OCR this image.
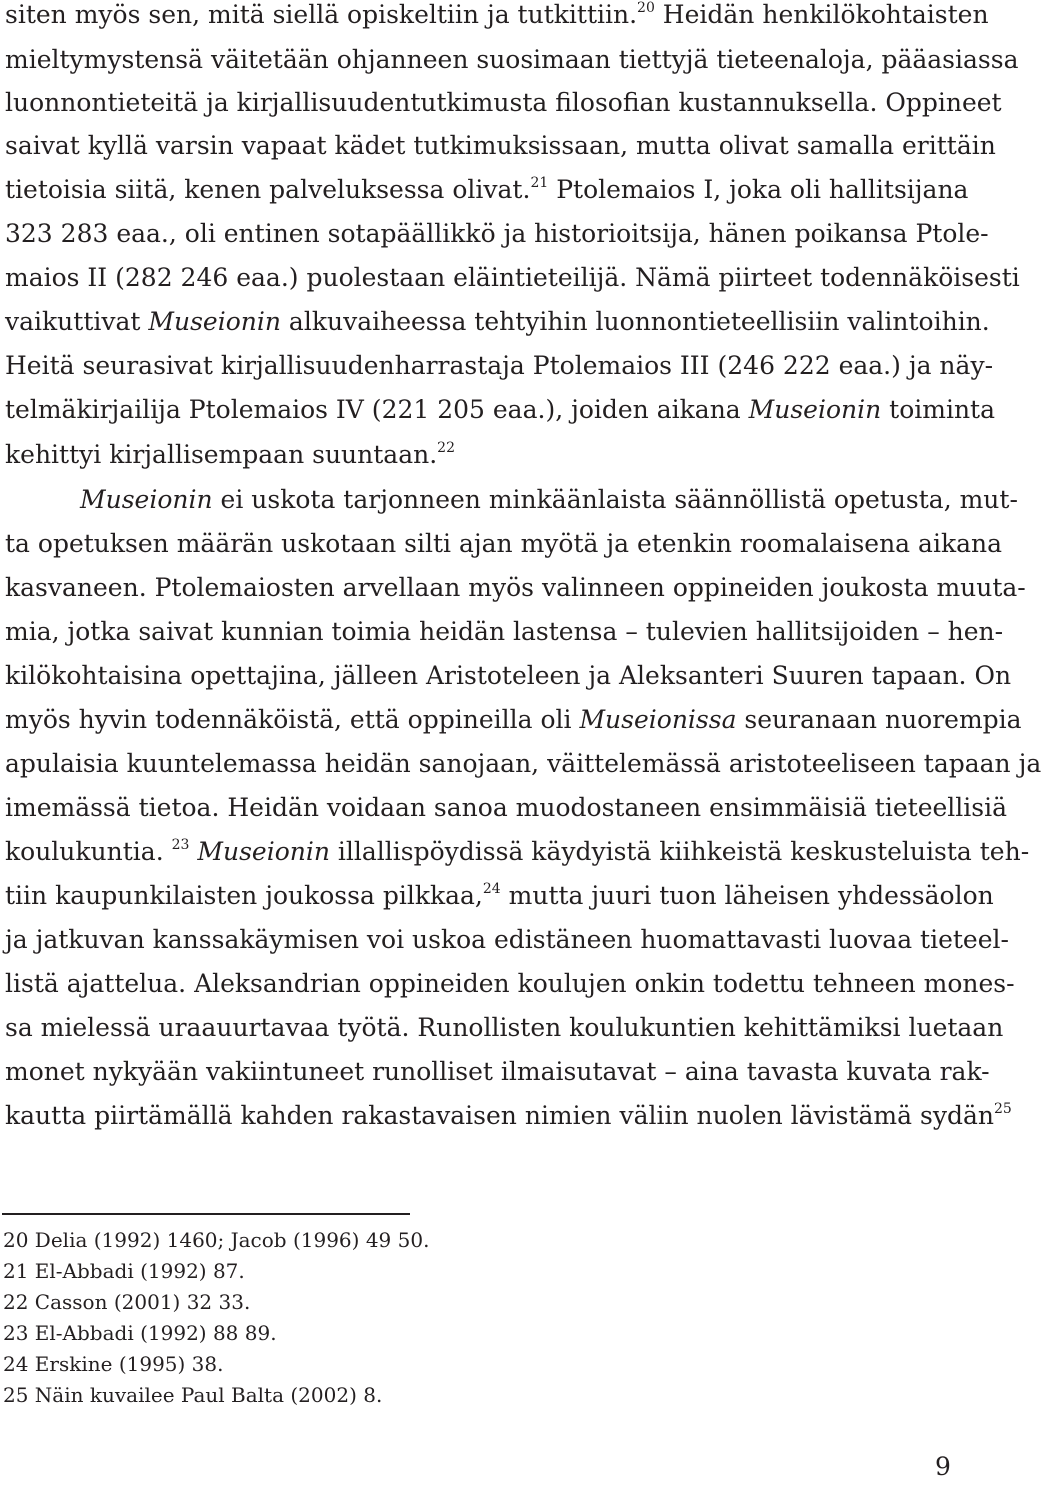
siten myös sen, mitä siellä opiskeltiin ja tutkittiin.$^{20}$ Heidän henkilökohtaisten
mieltymystensä väitetään ohjanneen suosimaan tiettyjä tieteenaloja, pääasiassa
luonnontieteitä ja kirjallisuudentutkimusta filosofian kustannuksella. Oppineet
saivat kyllä varsin vapaat kädet tutkimuksissaan, mutta olivat samalla erittäin
tietoisia siitä, kenen palveluksessa olivat.$^{21}$ Ptolemaios I, joka oli hallitsijana
323 283 eaa., oli entinen sotapäällikkö ja historioitsija, hänen poikansa Ptole-
maios II (282 246 eaa.) puolestaan eläintieteilijä. Nämä piirteet todennäköisesti
vaikuttivat Museionin alkuvaiheessa tehtyihin luonnontieteellisiin valintoihin.
Heitä seurasivat kirjallisuudenharrastaja Ptolemaios III (246 222 eaa.) ja näy-
telmäkirjailija Ptolemaios IV (221 205 eaa.), joiden aikana Museionin toiminta
kehittyi kirjallisempaan suuntaan.$^{22}$
Museionin ei uskota tarjonneen minkäänlaista säännöllistä opetusta, mut-
ta opetuksen määrän uskotaan silti ajan myötä ja etenkin roomalaisena aikana
kasvaneen. Ptolemaiosten arvellaan myös valinneen oppineiden joukosta muuta-
mia, jotka saivat kunnian toimia heidän lastensa – tulevien hallitsijoiden – hen-
kilökohtaisina opettajina, jälleen Aristoteleen ja Aleksanteri Suuren tapaan. On
myös hyvin todennäköistä, että oppineilla oli Museionissa seuranaan nuorempia
apulaisia kuuntelemassa heidän sanojaan, väittelemässä aristoteeliseen tapaan ja
imemässä tietoa. Heidän voidaan sanoa muodostaneen ensimmäisiä tieteellisiä
koulukuntia. $^{23}$ Museionin illallispöydissä käydyistä kiihkeistä keskusteluista teh-
tiin kaupunkilaisten joukossa pilkkaa,$^{24}$ mutta juuri tuon läheisen yhdessäolon
ja jatkuvan kanssakäymisen voi uskoa edistäneen huomattavasti luovaa tieteel-
listä ajattelua. Aleksandrian oppineiden koulujen onkin todettu tehneen mones-
sa mielessä uraauurtavaa työtä. Runollisten koulukuntien kehittämiksi luetaan
monet nykyään vakiintuneet runolliset ilmaisutavat – aina tavasta kuvata rak-
kautta piirtämällä kahden rakastavaisen nimien väliin nuolen lävistämä sydän$^{25}$
20 Delia (1992) 1460; Jacob (1996) 49 50.
21 El-Abbadi (1992) 87.
22 Casson (2001) 32 33.
23 El-Abbadi (1992) 88 89.
24 Erskine (1995) 38.
25 Näin kuvailee Paul Balta (2002) 8.
9
